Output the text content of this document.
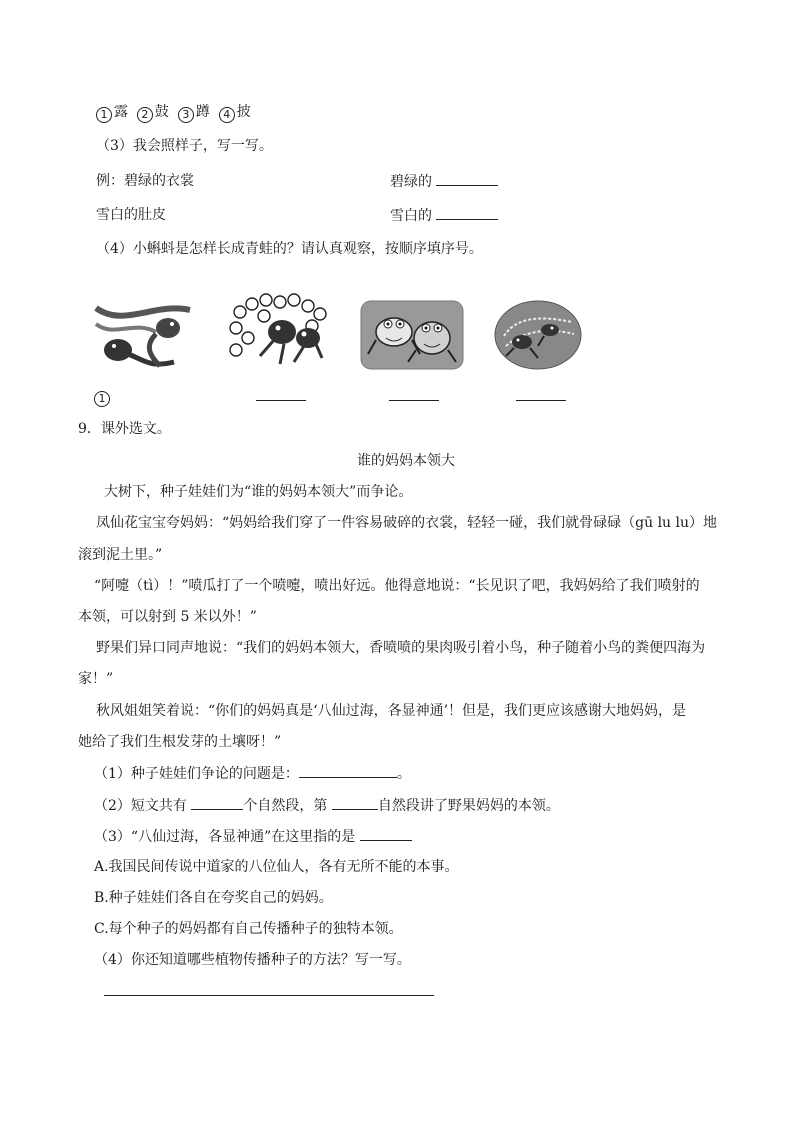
1 露 2 鼓 3 蹲 4 披
（3）我会照样子，写一写。
例：碧绿的衣裳	碧绿的
雪白的肚皮	雪白的
（4）小蝌蚪是怎样长成青蛙的？请认真观察，按顺序填序号。
1
9．课外选文。
谁的妈妈本领大
大树下，种子娃娃们为“谁的妈妈本领大”而争论。
凤仙花宝宝夸妈妈：“妈妈给我们穿了一件容易破碎的衣裳，轻轻一碰，我们就骨碌碌（gū lu lu）地
滚到泥土里。”
“阿嚏（tì）！”喷瓜打了一个喷嚏，喷出好远。他得意地说：“长见识了吧，我妈妈给了我们喷射的
本领，可以射到 5 米以外！”
野果们异口同声地说：“我们的妈妈本领大，香喷喷的果肉吸引着小鸟，种子随着小鸟的粪便四海为
家！”
秋风姐姐笑着说：“你们的妈妈真是‘八仙过海，各显神通’！但是，我们更应该感谢大地妈妈，是
她给了我们生根发芽的土壤呀！”
（1）种子娃娃们争论的问题是：	。
（2）短文共有	个自然段，第	自然段讲了野果妈妈的本领。
（3）“八仙过海，各显神通”在这里指的是
A.我国民间传说中道家的八位仙人，各有无所不能的本事。
B.种子娃娃们各自在夸奖自己的妈妈。
C.每个种子的妈妈都有自己传播种子的独特本领。
（4）你还知道哪些植物传播种子的方法？写一写。
